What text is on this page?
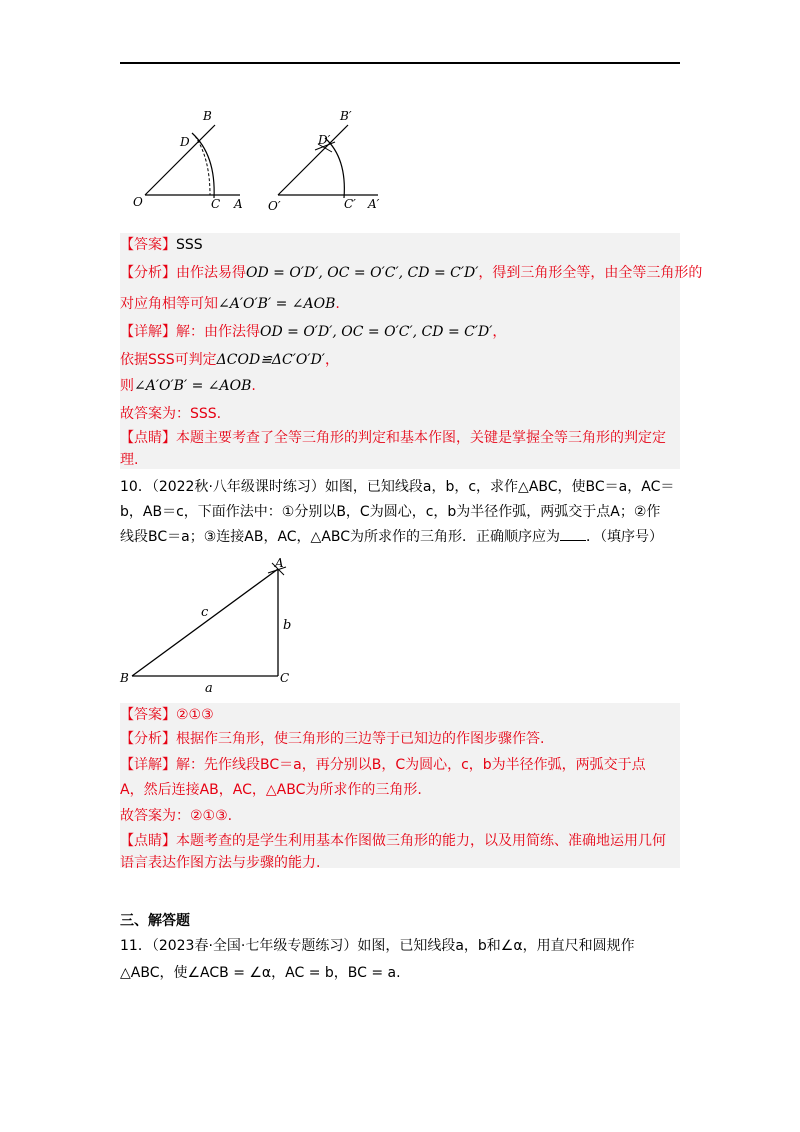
B
D
O	C A
B′
D′
O′	C′ A′
【答案】SSS
【分析】由作法易得OD = O′D′, OC = O′C′, CD = C′D′，得到三角形全等，由全等三角形的
对应角相等可知∠A′O′B′ = ∠AOB.
【详解】解：由作法得OD = O′D′, OC = O′C′, CD = C′D′，
依据SSS可判定ΔCOD≌ΔC′O′D′，
则∠A′O′B′ = ∠AOB.
故答案为：SSS.
【点睛】本题主要考查了全等三角形的判定和基本作图，关键是掌握全等三角形的判定定
理.
10．（2022秋·八年级课时练习）如图，已知线段a，b，c，求作△ABC，使BC＝a，AC＝
b，AB＝c，下面作法中：①分别以B，C为圆心，c，b为半径作弧，两弧交于点A；②作
线段BC＝a；③连接AB，AC，△ABC为所求作的三角形．正确顺序应为 ．（填序号）
A
B	C
a
b
c
【答案】②①③
【分析】根据作三角形，使三角形的三边等于已知边的作图步骤作答.
【详解】解：先作线段BC＝a，再分别以B，C为圆心，c，b为半径作弧，两弧交于点
A，然后连接AB，AC，△ABC为所求作的三角形.
故答案为：②①③.
【点睛】本题考查的是学生利用基本作图做三角形的能力，以及用简练、准确地运用几何
语言表达作图方法与步骤的能力.
三、解答题
11．（2023春·全国·七年级专题练习）如图，已知线段a，b和∠α，用直尺和圆规作
△ABC，使∠ACB = ∠α，AC = b，BC = a.
